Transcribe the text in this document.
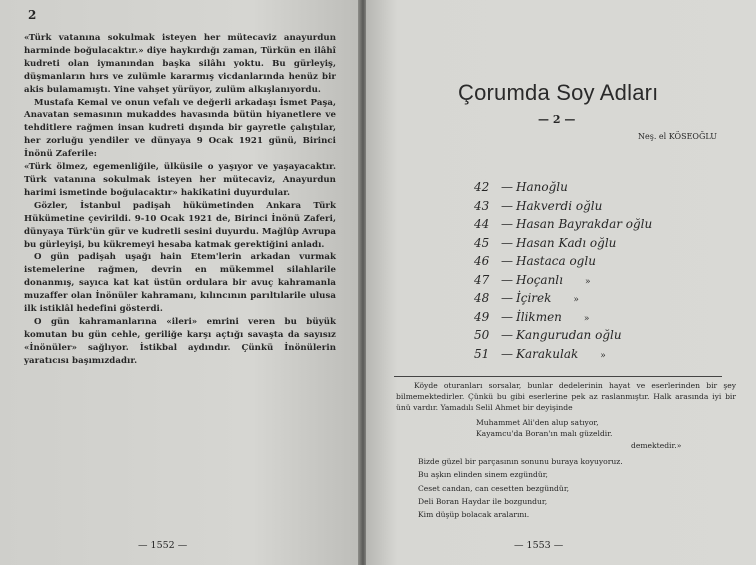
2

«Türk vatanına sokulmak isteyen her mütecaviz anayurdun harminde boğulacaktır.» diye haykırdığı zaman, Türkün en ilâhî kudreti olan iymanından başka silâhı yoktu. Bu gürleyiş, düşmanların hırs ve zulümle kararmış vicdanlarında henüz bir akis bulamamıştı. Yine vahşet yürüyor, zulüm alkışlanıyordu.

Mustafa Kemal ve onun vefalı ve değerli arkadaşı İsmet Paşa, Anavatan semasının mukaddes havasında bütün hiyanetlere ve tehditlere rağmen insan kudreti dışında bir gayretle çalıştılar, her zorluğu yendiler ve dünyaya 9 Ocak 1921 günü, Birinci İnönü Zaferile:

«Türk ölmez, egemenliğile, ülküsile o yaşıyor ve yaşayacaktır. Türk vatanına sokulmak isteyen her mütecaviz, Anayurdun harimi ismetinde boğulacaktır» hakikatini duyurdular.

Gözler, İstanbul padişah hükümetinden Ankara Türk Hükümetine çevirildi. 9-10 Ocak 1921 de, Birinci İnönü Zaferi, dünyaya Türk'ün gür ve kudretli sesini duyurdu. Mağlûp Avrupa bu gürleyişi, bu kükremeyi hesaba katmak gerektiğini anladı.

O gün padişah uşağı hain Etem'lerin arkadan vurmak istemelerine rağmen, devrin en mükemmel silahlarile donanmış, sayıca kat kat üstün ordulara bir avuç kahramanla muzaffer olan İnönüler kahramanı, kılıncının parıltılarile ulusa ilk istiklâl hedefini gösterdi.

O gün kahramanlarına «ileri» emrini veren bu büyük komutan bu gün cehle, geriliğe karşı açtığı savaşta da sayısız «İnönüler» sağlıyor. İstikbal aydındır. Çünkü İnönülerin yaratıcısı başımızdadır.

— 1552 —
Çorumda Soy Adları
— 2 —
Neş. el KÖSEOĞLU
42 — Hanoğlu
43 — Hakverdi oğlu
44 — Hasan Bayrakdar oğlu
45 — Hasan Kadı oğlu
46 — Hastaca oglu
47 — Hoçanlı »
48 — İçirek »
49 — İlikmen »
50 — Kangurudan oğlu
51 — Karakulak »

Köyde oturanları sorsalar, bunlar dedelerinin hayat ve eserlerinden bir şey bilmemektedirler. Çünkü bu gibi eserlerine pek az raslanmıştır. Halk arasında iyi bir ünü vardır. Yamadılı Selil Ahmet bir deyişinde

Muhammet Ali'den alup satıyor,
Kayamcu'da Boran'ın malı güzeldir.
demektedir.»
Bizde güzel bir parçasının sonunu buraya koyuyoruz.
Bu aşkın elinden sinem ezgündür,
Ceset candan, can cesetten bezgündür,
Deli Boran Haydar ile bozgundur,
Kim düşüp bolacak aralarını.
— 1553 —
